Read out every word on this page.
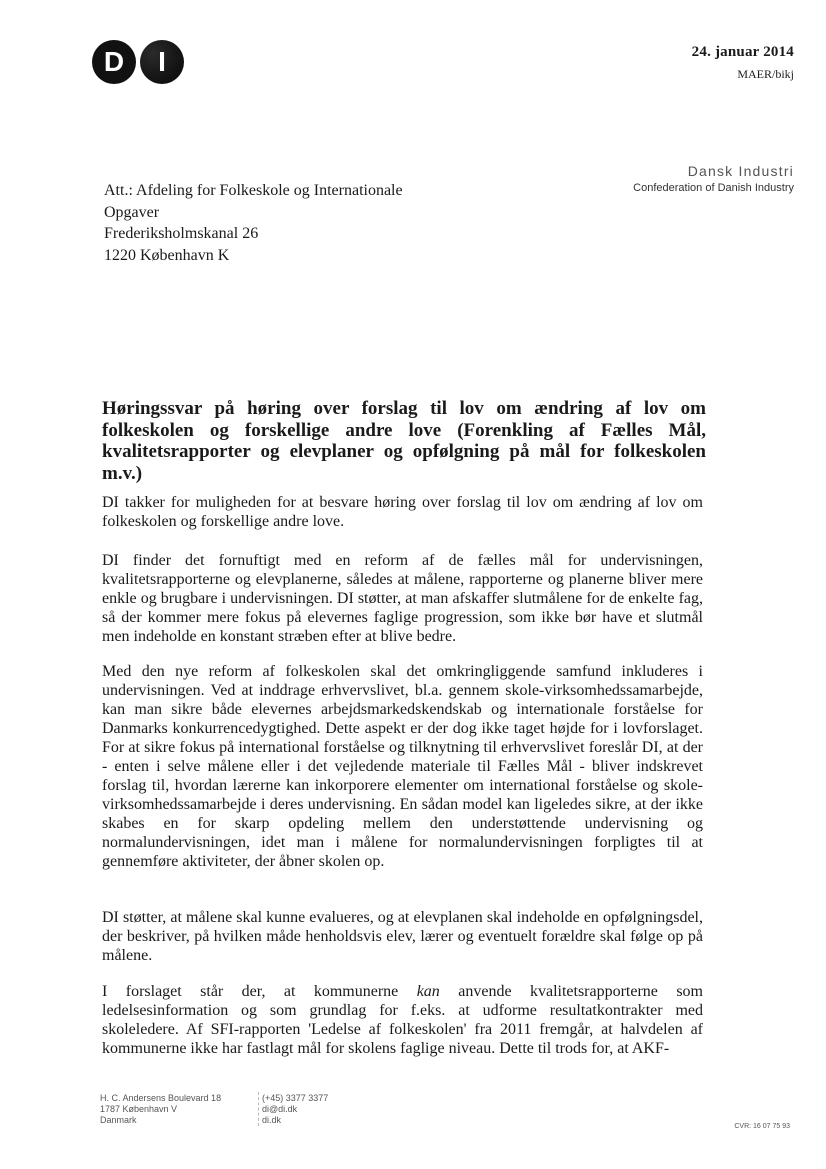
D	I	24. januar 2014
MAER/bikj
Dansk Industri
Confederation of Danish Industry
Att.: Afdeling for Folkeskole og Internationale
Opgaver
Frederiksholmskanal 26
1220 København K
Høringssvar på høring over forslag til lov om ændring af lov om folkeskolen og forskellige andre love (Forenkling af Fælles Mål, kvalitetsrapporter og elevplaner og opfølgning på mål for folkeskolen m.v.)
DI takker for muligheden for at besvare høring over forslag til lov om ændring af lov om folkeskolen og forskellige andre love.
DI finder det fornuftigt med en reform af de fælles mål for undervisningen, kvalitetsrapporterne og elevplanerne, således at målene, rapporterne og planerne bliver mere enkle og brugbare i undervisningen. DI støtter, at man afskaffer slutmålene for de enkelte fag, så der kommer mere fokus på elevernes faglige progression, som ikke bør have et slutmål men indeholde en konstant stræben efter at blive bedre.
Med den nye reform af folkeskolen skal det omkringliggende samfund inkluderes i undervisningen. Ved at inddrage erhvervslivet, bl.a. gennem skole-virksomhedssamarbejde, kan man sikre både elevernes arbejdsmarkedskendskab og internationale forståelse for Danmarks konkurrencedygtighed. Dette aspekt er der dog ikke taget højde for i lovforslaget. For at sikre fokus på international forståelse og tilknytning til erhvervslivet foreslår DI, at der - enten i selve målene eller i det vejledende materiale til Fælles Mål - bliver indskrevet forslag til, hvordan lærerne kan inkorporere elementer om international forståelse og skole-virksomhedssamarbejde i deres undervisning. En sådan model kan ligeledes sikre, at der ikke skabes en for skarp opdeling mellem den understøttende undervisning og normalundervisningen, idet man i målene for normalundervisningen forpligtes til at gennemføre aktiviteter, der åbner skolen op.
DI støtter, at målene skal kunne evalueres, og at elevplanen skal indeholde en opfølgningsdel, der beskriver, på hvilken måde henholdsvis elev, lærer og eventuelt forældre skal følge op på målene.
I forslaget står der, at kommunerne kan anvende kvalitetsrapporterne som ledelsesinformation og som grundlag for f.eks. at udforme resultatkontrakter med skoleledere. Af SFI-rapporten 'Ledelse af folkeskolen' fra 2011 fremgår, at halvdelen af kommunerne ikke har fastlagt mål for skolens faglige niveau. Dette til trods for, at AKF-
H. C. Andersens Boulevard 18
1787 København V
Danmark
(+45) 3377 3377
di@di.dk
di.dk
CVR: 16 07 75 93
